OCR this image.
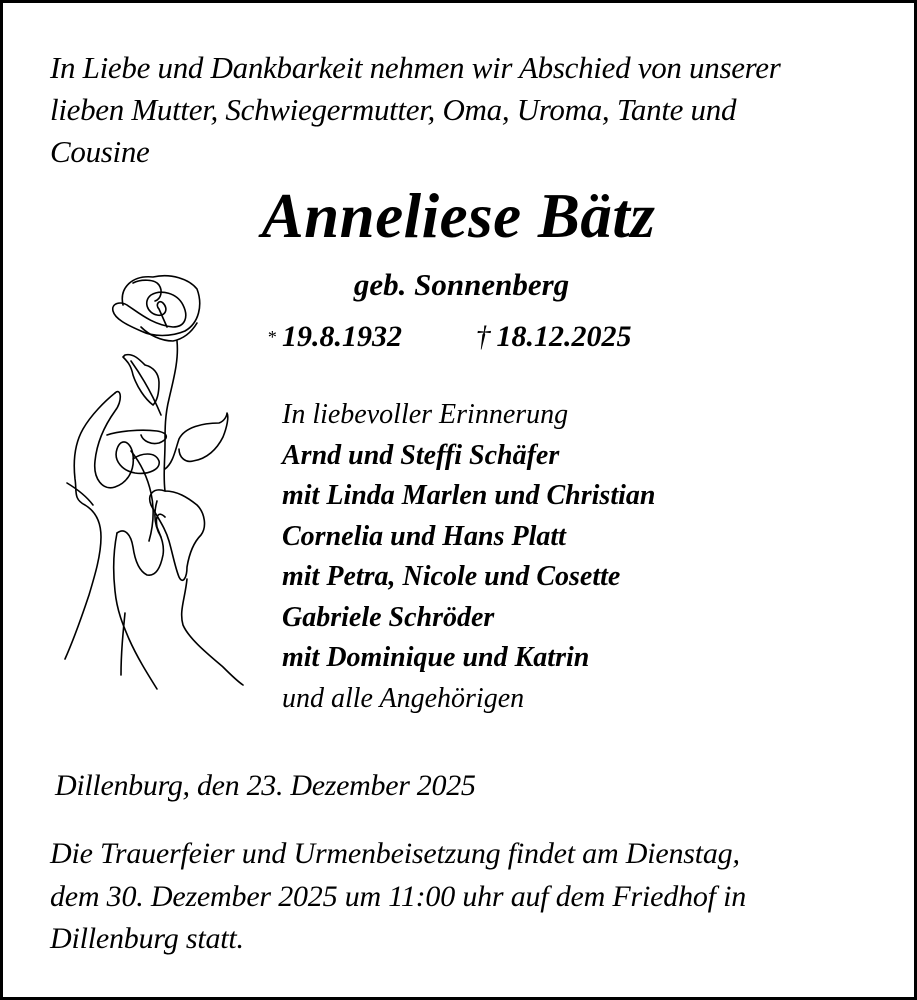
In Liebe und Dankbarkeit nehmen wir Abschied von unserer
lieben Mutter, Schwiegermutter, Oma, Uroma, Tante und
Cousine
Anneliese Bätz
geb. Sonnenberg
* 19.8.1932 † 18.12.2025
In liebevoller Erinnerung
Arnd und Steffi Schäfer
mit Linda Marlen und Christian
Cornelia und Hans Platt
mit Petra, Nicole und Cosette
Gabriele Schröder
mit Dominique und Katrin
und alle Angehörigen
Dillenburg, den 23. Dezember 2025
Die Trauerfeier und Urmenbeisetzung findet am Dienstag,
dem 30. Dezember 2025 um 11:00 uhr auf dem Friedhof in
Dillenburg statt.
